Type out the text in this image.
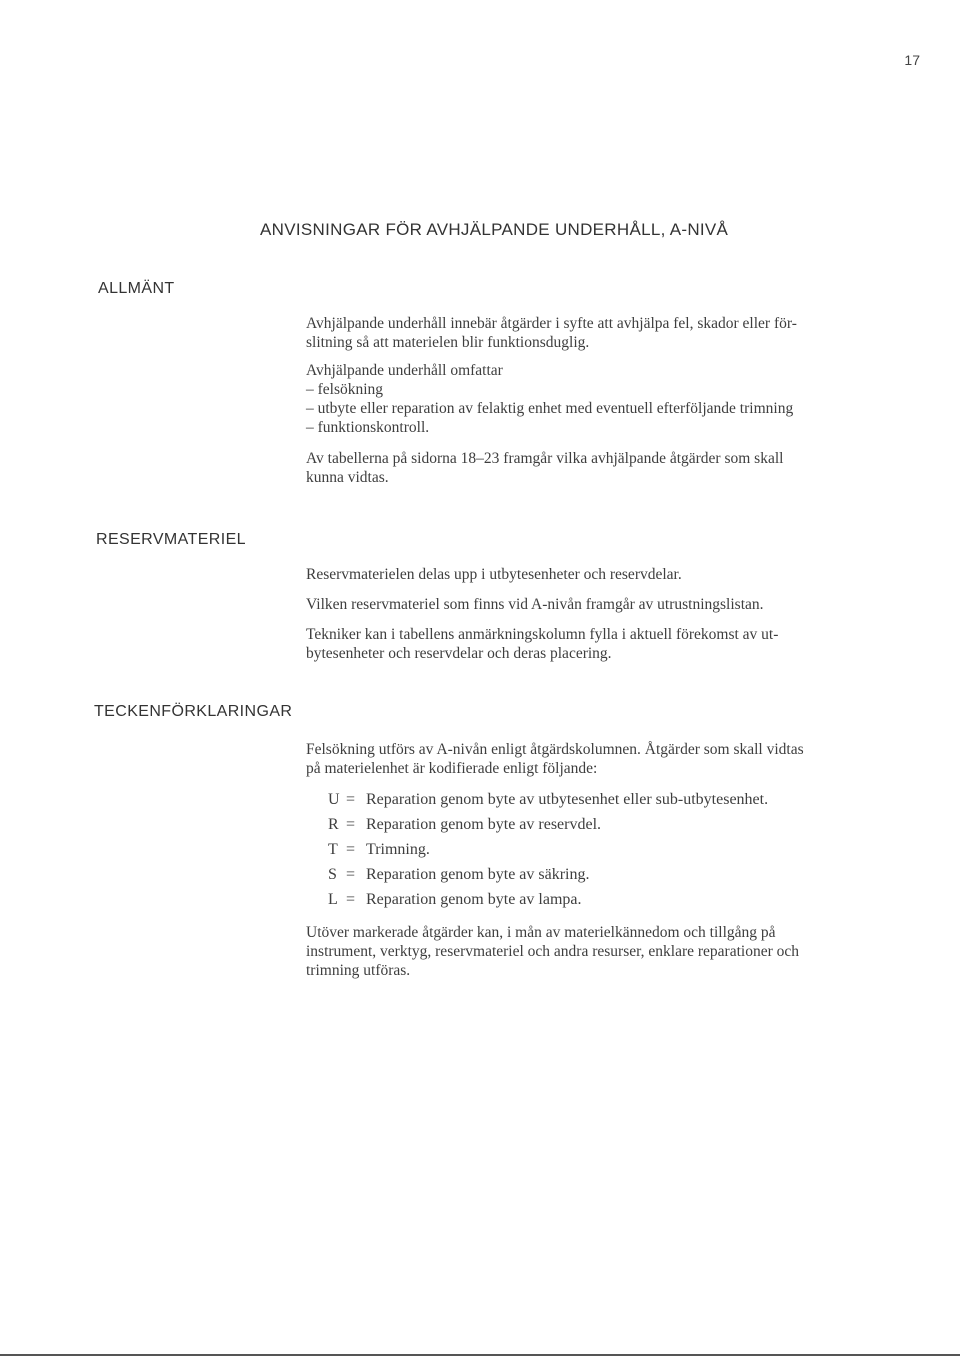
17
ANVISNINGAR FÖR AVHJÄLPANDE UNDERHÅLL, A-NIVÅ
ALLMÄNT

Avhjälpande underhåll innebär åtgärder i syfte att avhjälpa fel, skador eller för-
slitning så att materielen blir funktionsduglig.

Avhjälpande underhåll omfattar
– felsökning
– utbyte eller reparation av felaktig enhet med eventuell efterföljande trimning
– funktionskontroll.

Av tabellerna på sidorna 18–23 framgår vilka avhjälpande åtgärder som skall
kunna vidtas.

RESERVMATERIEL

Reservmaterielen delas upp i utbytesenheter och reservdelar.

Vilken reservmateriel som finns vid A-nivån framgår av utrustningslistan.

Tekniker kan i tabellens anmärkningskolumn fylla i aktuell förekomst av ut-
bytesenheter och reservdelar och deras placering.

TECKENFÖRKLARINGAR

Felsökning utförs av A-nivån enligt åtgärdskolumnen. Åtgärder som skall vidtas
på materielenhet är kodifierade enligt följande:

U = Reparation genom byte av utbytesenhet eller sub-utbytesenhet.
R = Reparation genom byte av reservdel.
T = Trimning.
S = Reparation genom byte av säkring.
L = Reparation genom byte av lampa.

Utöver markerade åtgärder kan, i mån av materielkännedom och tillgång på
instrument, verktyg, reservmateriel och andra resurser, enklare reparationer och
trimning utföras.
